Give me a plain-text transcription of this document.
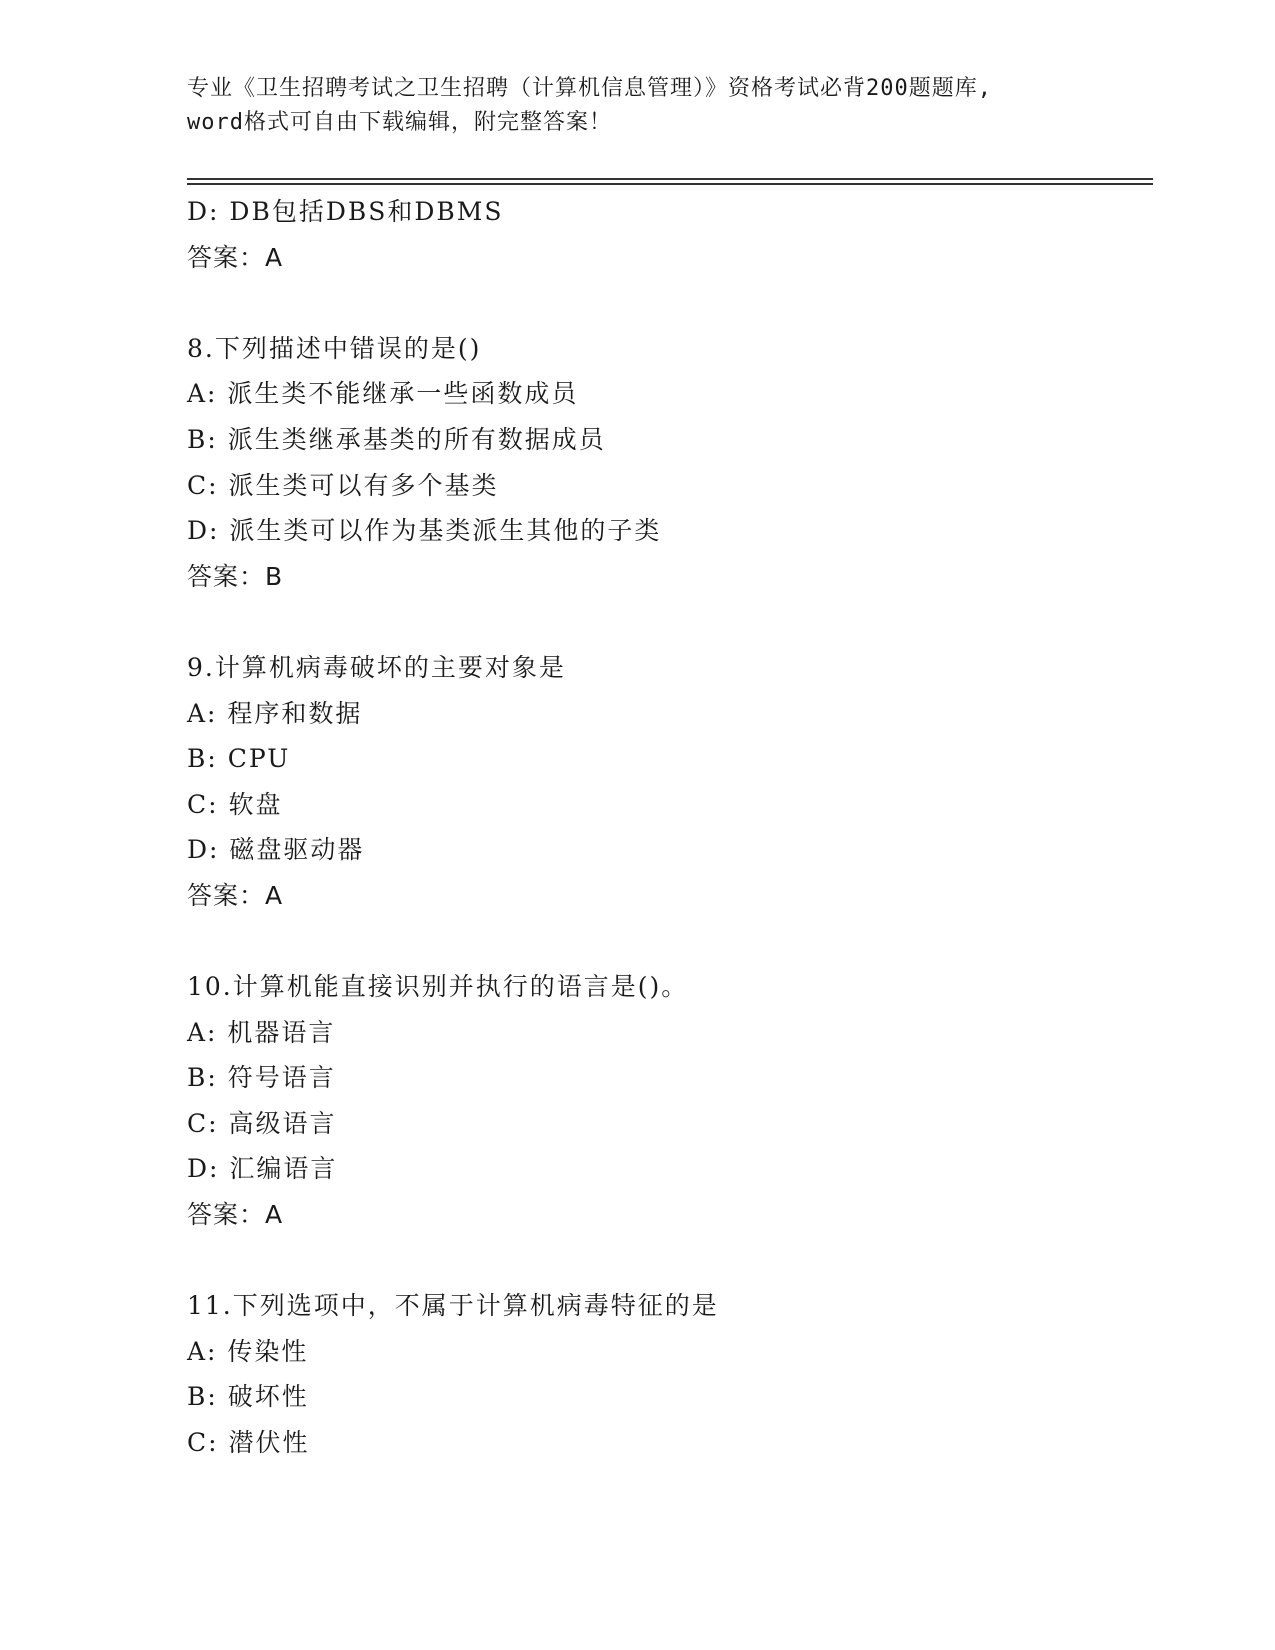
专业《卫生招聘考试之卫生招聘（计算机信息管理）》资格考试必背200题题库,
word格式可自由下载编辑，附完整答案！
D: DB包括DBS和DBMS
答案：A
8.下列描述中错误的是()
A: 派生类不能继承一些函数成员
B: 派生类继承基类的所有数据成员
C: 派生类可以有多个基类
D: 派生类可以作为基类派生其他的子类
答案：B
9.计算机病毒破坏的主要对象是
A: 程序和数据
B: CPU
C: 软盘
D: 磁盘驱动器
答案：A
10.计算机能直接识别并执行的语言是()。
A: 机器语言
B: 符号语言
C: 高级语言
D: 汇编语言
答案：A
11.下列选项中，不属于计算机病毒特征的是
A: 传染性
B: 破坏性
C: 潜伏性
